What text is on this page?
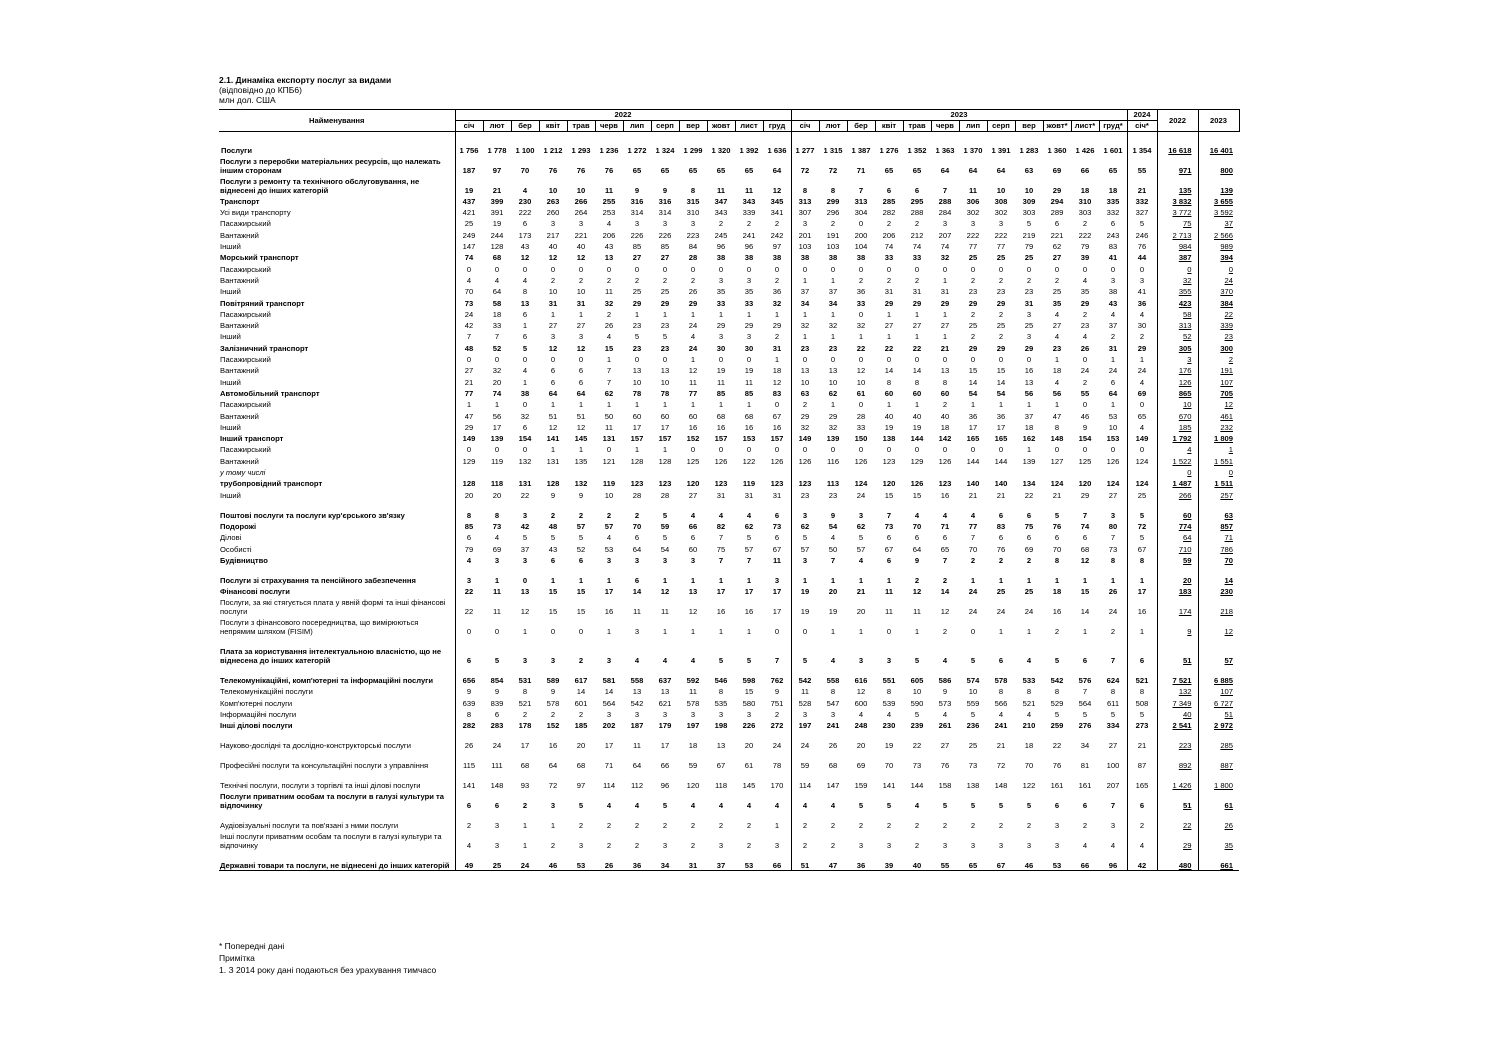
2.1. Динаміка експорту послуг за видами
(відповідно до КПБ6)
млн дол. США
Найменування	2022												2023												2024	2022	2023
	січ	лют	бер	квіт	трав	черв	лип	серп	вер	жовт	лист	груд	січ	лют	бер	квіт	трав	черв	лип	серп	вер	жовт*	лист*	груд*	січ*		

Послуги	1 756	1 778	1 100	1 212	1 293	1 236	1 272	1 324	1 299	1 320	1 392	1 636	1 277	1 315	1 387	1 276	1 352	1 363	1 370	1 391	1 283	1 360	1 426	1 601	1 354	16 618	16 401
Послуги з переробки матеріальних ресурсів, що належать іншим сторонам	187	97	70	76	76	76	65	65	65	65	65	64	72	72	71	65	65	64	64	64	63	69	66	65	55	971	800
Послуги з ремонту та технічного обслуговування, не віднесені до інших категорій	19	21	4	10	10	11	9	9	8	11	11	12	8	8	7	6	6	7	11	10	10	29	18	18	21	135	139
Транспорт	437	399	230	263	266	255	316	316	315	347	343	345	313	299	313	285	295	288	306	308	309	294	310	335	332	3 832	3 655
Усі види транспорту	421	391	222	260	264	253	314	314	310	343	339	341	307	296	304	282	288	284	302	302	303	289	303	332	327	3 772	3 592
Пасажирський	25	19	6	3	3	4	3	3	3	2	2	2	3	2	0	2	2	3	3	3	5	6	2	6	5	75	37
Вантажний	249	244	173	217	221	206	226	226	223	245	241	242	201	191	200	206	212	207	222	222	219	221	222	243	246	2 713	2 566
Інший	147	128	43	40	40	43	85	85	84	96	96	97	103	103	104	74	74	74	77	77	79	62	79	83	76	984	989
Морський транспорт	74	68	12	12	12	13	27	27	28	38	38	38	38	38	38	33	33	32	25	25	25	27	39	41	44	387	394
Пасажирський	0	0	0	0	0	0	0	0	0	0	0	0	0	0	0	0	0	0	0	0	0	0	0	0	0	0	0
Вантажний	4	4	4	2	2	2	2	2	2	3	3	2	1	1	2	2	2	1	2	2	2	2	4	3	3	32	24
Інший	70	64	8	10	10	11	25	25	26	35	35	36	37	37	36	31	31	31	23	23	23	25	35	38	41	355	370
Повітряний транспорт	73	58	13	31	31	32	29	29	29	33	33	32	34	34	33	29	29	29	29	29	31	35	29	43	36	423	384
Пасажирський	24	18	6	1	1	2	1	1	1	1	1	1	1	1	0	1	1	1	2	2	3	4	2	4	4	58	22
Вантажний	42	33	1	27	27	26	23	23	24	29	29	29	32	32	32	27	27	27	25	25	25	27	23	37	30	313	339
Інший	7	7	6	3	3	4	5	5	4	3	3	2	1	1	1	1	1	1	2	2	3	4	4	2	2	52	23
Залізничний транспорт	48	52	5	12	12	15	23	23	24	30	30	31	23	23	22	22	22	21	29	29	29	23	26	31	29	305	300
Пасажирський	0	0	0	0	0	1	0	0	1	0	0	1	0	0	0	0	0	0	0	0	0	1	0	1	1	3	2
Вантажний	27	32	4	6	6	7	13	13	12	19	19	18	13	13	12	14	14	13	15	15	16	18	24	24	24	176	191
Інший	21	20	1	6	6	7	10	10	11	11	11	12	10	10	10	8	8	8	14	14	13	4	2	6	4	126	107
Автомобільний транспорт	77	74	38	64	64	62	78	78	77	85	85	83	63	62	61	60	60	60	54	54	56	56	55	64	69	865	705
Пасажирський	1	1	0	1	1	1	1	1	1	1	1	0	2	1	0	1	1	2	1	1	1	1	0	1	0	10	12
Вантажний	47	56	32	51	51	50	60	60	60	68	68	67	29	29	28	40	40	40	36	36	37	47	46	53	65	670	461
Інший	29	17	6	12	12	11	17	17	16	16	16	16	32	32	33	19	19	18	17	17	18	8	9	10	4	185	232
Інший транспорт	149	139	154	141	145	131	157	157	152	157	153	157	149	139	150	138	144	142	165	165	162	148	154	153	149	1 792	1 809
Пасажирський	0	0	0	1	1	0	1	1	0	0	0	0	0	0	0	0	0	0	0	0	1	0	0	0	0	4	1
Вантажний	129	119	132	131	135	121	128	128	125	126	122	126	126	116	126	123	129	126	144	144	139	127	125	126	124	1 522	1 551
у тому числі																										0	0
трубопровідний транспорт	128	118	131	128	132	119	123	123	120	123	119	123	123	113	124	120	126	123	140	140	134	124	120	124	124	1 487	1 511
Інший	20	20	22	9	9	10	28	28	27	31	31	31	23	23	24	15	15	16	21	21	22	21	29	27	25	266	257
Поштові послуги та послуги кур'єрського зв'язку	8	8	3	2	2	2	2	5	4	4	4	6	3	9	3	7	4	4	4	6	6	5	7	3	5	60	63
Подорожі	85	73	42	48	57	57	70	59	66	82	62	73	62	54	62	73	70	71	77	83	75	76	74	80	72	774	857
Ділові	6	4	5	5	5	4	6	5	6	7	5	6	5	4	5	6	6	6	7	6	6	6	6	7	5	64	71
Особисті	79	69	37	43	52	53	64	54	60	75	57	67	57	50	57	67	64	65	70	76	69	70	68	73	67	710	786
Будівництво	4	3	3	6	6	3	3	3	3	7	7	11	3	7	4	6	9	7	2	2	2	8	12	8	8	59	70
Послуги зі страхування та пенсійного забезпечення	3	1	0	1	1	1	6	1	1	1	1	3	1	1	1	1	2	2	1	1	1	1	1	1	1	20	14
Фінансові послуги	22	11	13	15	15	17	14	12	13	17	17	17	19	20	21	11	12	14	24	25	25	18	15	26	17	183	230
Послуги, за які стягується плата у явній формі та інші фінансові послуги	22	11	12	15	15	16	11	11	12	16	16	17	19	19	20	11	11	12	24	24	24	16	14	24	16	174	218
Послуги з фінансового посередництва, що вимірюються непрямим шляхом (FISIM)	0	0	1	0	0	1	3	1	1	1	1	0	0	1	1	0	1	2	0	1	1	2	1	2	1	9	12
Плата за користування інтелектуальною власністю, що не віднесена до інших категорій	6	5	3	3	2	3	4	4	4	5	5	7	5	4	3	3	5	4	5	6	4	5	6	7	6	51	57
Телекомунікаційні, комп'ютерні та інформаційні послуги	656	854	531	589	617	581	558	637	592	546	598	762	542	558	616	551	605	586	574	578	533	542	576	624	521	7 521	6 885
Телекомунікаційні послуги	9	9	8	9	14	14	13	13	11	8	15	9	11	8	12	8	10	9	10	8	8	8	7	8	8	132	107
Комп'ютерні послуги	639	839	521	578	601	564	542	621	578	535	580	751	528	547	600	539	590	573	559	566	521	529	564	611	508	7 349	6 727
Інформаційні послуги	8	6	2	2	2	3	3	3	3	3	3	2	3	3	4	4	5	4	5	4	4	5	5	5	5	40	51
Інші ділові послуги	282	283	178	152	185	202	187	179	197	198	226	272	197	241	248	230	239	261	236	241	210	259	276	334	273	2 541	2 972
Науково-дослідні та дослідно-конструкторські послуги	26	24	17	16	20	17	11	17	18	13	20	24	24	26	20	19	22	27	25	21	18	22	34	27	21	223	285
Професійні послуги та консультаційні послуги з управління	115	111	68	64	68	71	64	66	59	67	61	78	59	68	69	70	73	76	73	72	70	76	81	100	87	892	887
Технічні послуги, послуги з торгівлі та інші ділові послуги	141	148	93	72	97	114	112	96	120	118	145	170	114	147	159	141	144	158	138	148	122	161	161	207	165	1 426	1 800
Послуги приватним особам та послуги в галузі культури та відпочинку	6	6	2	3	5	4	4	5	4	4	4	4	4	4	5	5	4	5	5	5	5	6	6	7	6	51	61
Аудіовізуальні послуги та пов'язані з ними послуги	2	3	1	1	2	2	2	2	2	2	2	1	2	2	2	2	2	2	2	2	2	3	2	3	2	22	26
Інші послуги приватним особам та послуги в галузі культури та відпочинку	4	3	1	2	3	2	2	3	2	3	2	3	2	2	3	3	2	3	3	3	3	3	4	4	4	29	35
Державні товари та послуги, не віднесені до інших категорій	49	25	24	46	53	26	36	34	31	37	53	66	51	47	36	39	40	55	65	67	46	53	66	96	42	480	661
* Попередні дані
Примітка
1. З 2014 року дані подаються без урахування тимчасо
